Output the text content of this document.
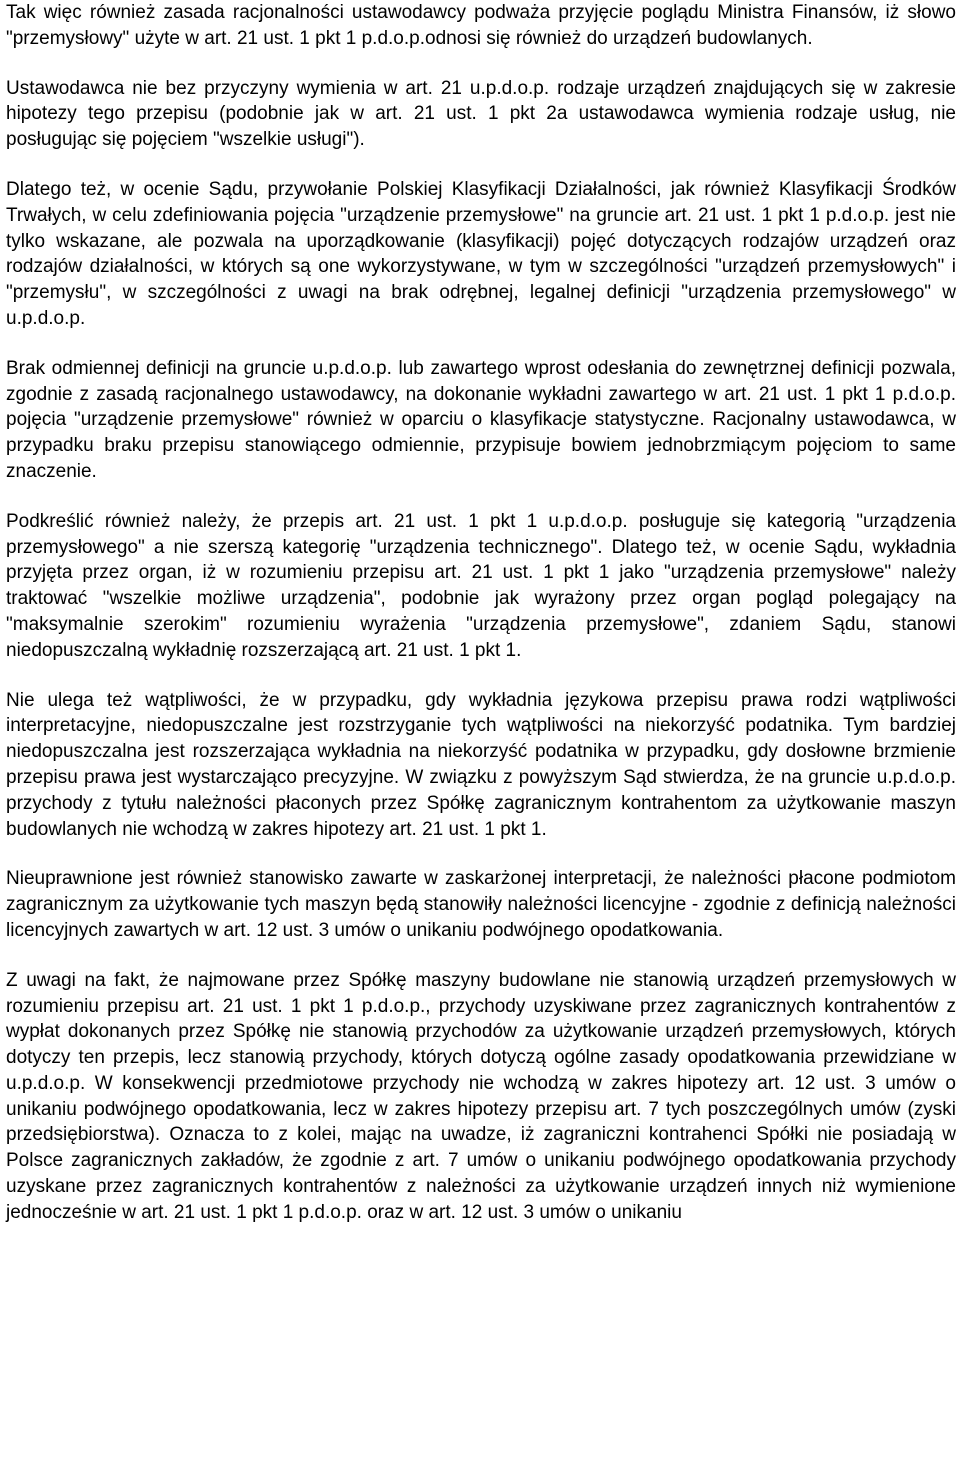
Tak więc również zasada racjonalności ustawodawcy podważa przyjęcie poglądu Ministra Finansów, iż słowo "przemysłowy" użyte w art. 21 ust. 1 pkt 1 p.d.o.p.odnosi się również do urządzeń budowlanych.

Ustawodawca nie bez przyczyny wymienia w art. 21 u.p.d.o.p. rodzaje urządzeń znajdujących się w zakresie hipotezy tego przepisu (podobnie jak w art. 21 ust. 1 pkt 2a ustawodawca wymienia rodzaje usług, nie posługując się pojęciem "wszelkie usługi").

Dlatego też, w ocenie Sądu, przywołanie Polskiej Klasyfikacji Działalności, jak również Klasyfikacji Środków Trwałych, w celu zdefiniowania pojęcia "urządzenie przemysłowe" na gruncie art. 21 ust. 1 pkt 1 p.d.o.p. jest nie tylko wskazane, ale pozwala na uporządkowanie (klasyfikacji) pojęć dotyczących rodzajów urządzeń oraz rodzajów działalności, w których są one wykorzystywane, w tym w szczególności "urządzeń przemysłowych" i "przemysłu", w szczególności z uwagi na brak odrębnej, legalnej definicji "urządzenia przemysłowego" w u.p.d.o.p.

Brak odmiennej definicji na gruncie u.p.d.o.p. lub zawartego wprost odesłania do zewnętrznej definicji pozwala, zgodnie z zasadą racjonalnego ustawodawcy, na dokonanie wykładni zawartego w art. 21 ust. 1 pkt 1 p.d.o.p. pojęcia "urządzenie przemysłowe" również w oparciu o klasyfikacje statystyczne. Racjonalny ustawodawca, w przypadku braku przepisu stanowiącego odmiennie, przypisuje bowiem jednobrzmiącym pojęciom to same znaczenie.

Podkreślić również należy, że przepis art. 21 ust. 1 pkt 1 u.p.d.o.p. posługuje się kategorią "urządzenia przemysłowego" a nie szerszą kategorię "urządzenia technicznego". Dlatego też, w ocenie Sądu, wykładnia przyjęta przez organ, iż w rozumieniu przepisu art. 21 ust. 1 pkt 1 jako "urządzenia przemysłowe" należy traktować "wszelkie możliwe urządzenia", podobnie jak wyrażony przez organ pogląd polegający na "maksymalnie szerokim" rozumieniu wyrażenia "urządzenia przemysłowe", zdaniem Sądu, stanowi niedopuszczalną wykładnię rozszerzającą art. 21 ust. 1 pkt 1.

Nie ulega też wątpliwości, że w przypadku, gdy wykładnia językowa przepisu prawa rodzi wątpliwości interpretacyjne, niedopuszczalne jest rozstrzyganie tych wątpliwości na niekorzyść podatnika. Tym bardziej niedopuszczalna jest rozszerzająca wykładnia na niekorzyść podatnika w przypadku, gdy dosłowne brzmienie przepisu prawa jest wystarczająco precyzyjne. W związku z powyższym Sąd stwierdza, że na gruncie u.p.d.o.p. przychody z tytułu należności płaconych przez Spółkę zagranicznym kontrahentom za użytkowanie maszyn budowlanych nie wchodzą w zakres hipotezy art. 21 ust. 1 pkt 1.

Nieuprawnione jest również stanowisko zawarte w zaskarżonej interpretacji, że należności płacone podmiotom zagranicznym za użytkowanie tych maszyn będą stanowiły należności licencyjne - zgodnie z definicją należności licencyjnych zawartych w art. 12 ust. 3 umów o unikaniu podwójnego opodatkowania.

Z uwagi na fakt, że najmowane przez Spółkę maszyny budowlane nie stanowią urządzeń przemysłowych w rozumieniu przepisu art. 21 ust. 1 pkt 1 p.d.o.p., przychody uzyskiwane przez zagranicznych kontrahentów z wypłat dokonanych przez Spółkę nie stanowią przychodów za użytkowanie urządzeń przemysłowych, których dotyczy ten przepis, lecz stanowią przychody, których dotyczą ogólne zasady opodatkowania przewidziane w u.p.d.o.p. W konsekwencji przedmiotowe przychody nie wchodzą w zakres hipotezy art. 12 ust. 3 umów o unikaniu podwójnego opodatkowania, lecz w zakres hipotezy przepisu art. 7 tych poszczególnych umów (zyski przedsiębiorstwa). Oznacza to z kolei, mając na uwadze, iż zagraniczni kontrahenci Spółki nie posiadają w Polsce zagranicznych zakładów, że zgodnie z art. 7 umów o unikaniu podwójnego opodatkowania przychody uzyskane przez zagranicznych kontrahentów z należności za użytkowanie urządzeń innych niż wymienione jednocześnie w art. 21 ust. 1 pkt 1 p.d.o.p. oraz w art. 12 ust. 3 umów o unikaniu
